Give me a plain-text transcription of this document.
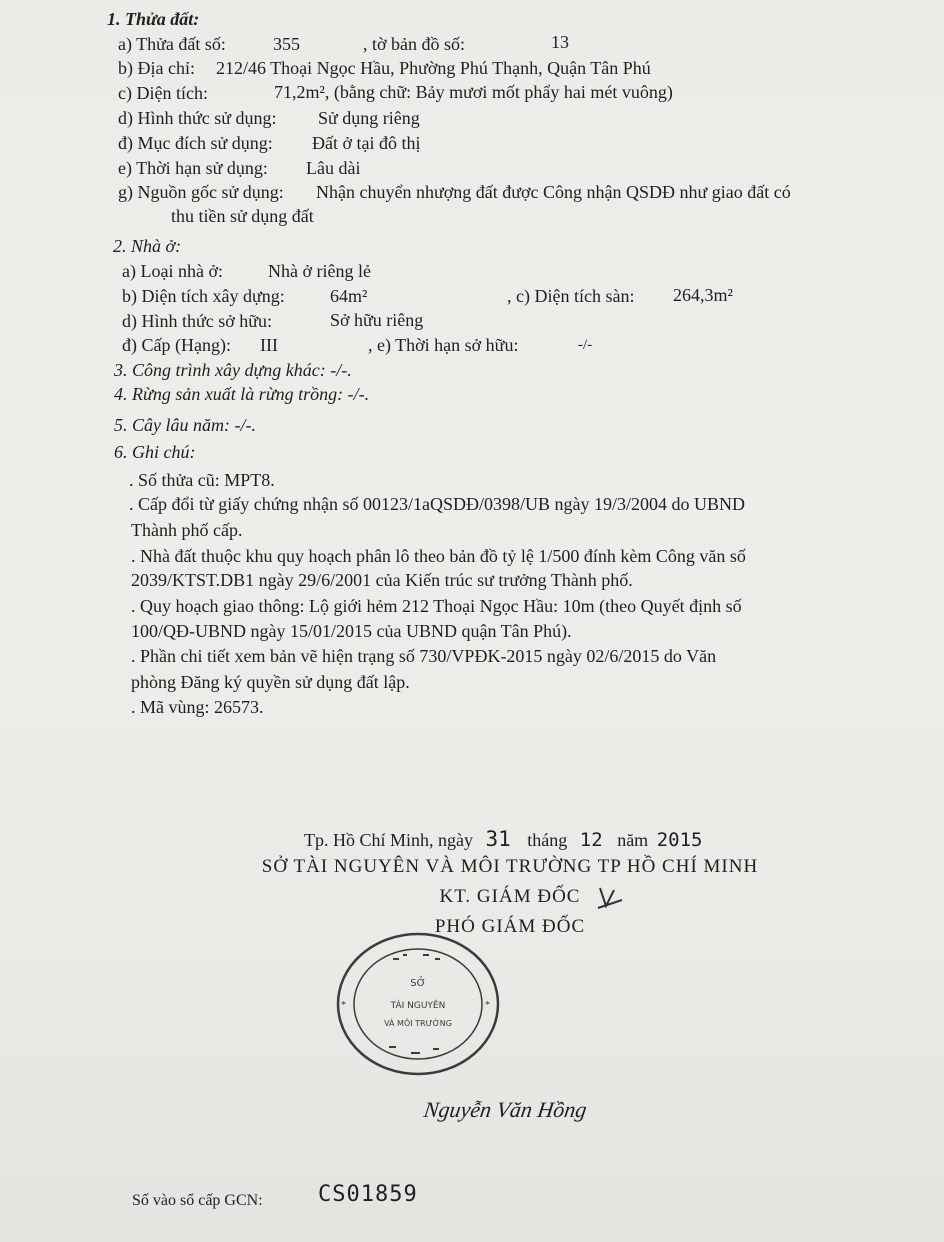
1. Thửa đất:
a) Thửa đất số:	355	, tờ bản đồ số:	13
b) Địa chỉ: 212/46 Thoại Ngọc Hầu, Phường Phú Thạnh, Quận Tân Phú
c) Diện tích:	71,2m², (bằng chữ: Bảy mươi mốt phẩy hai mét vuông)
d) Hình thức sử dụng: Sử dụng riêng
đ) Mục đích sử dụng: Đất ở tại đô thị
e) Thời hạn sử dụng: Lâu dài
g) Nguồn gốc sử dụng: Nhận chuyển nhượng đất được Công nhận QSDĐ như giao đất có
thu tiền sử dụng đất
2. Nhà ở:
a) Loại nhà ở:	Nhà ở riêng lẻ
b) Diện tích xây dựng:	64m²	, c) Diện tích sàn: 264,3m²
d) Hình thức sở hữu:	Sở hữu riêng
đ) Cấp (Hạng): III	, e) Thời hạn sở hữu:	-/-
3. Công trình xây dựng khác: -/-.
4. Rừng sản xuất là rừng trồng: -/-.
5. Cây lâu năm: -/-.
6. Ghi chú:
. Số thửa cũ: MPT8.
. Cấp đổi từ giấy chứng nhận số 00123/1aQSDĐ/0398/UB ngày 19/3/2004 do UBND
Thành phố cấp.
. Nhà đất thuộc khu quy hoạch phân lô theo bản đồ tỷ lệ 1/500 đính kèm Công văn số
2039/KTST.DB1 ngày 29/6/2001 của Kiến trúc sư trưởng Thành phố.
. Quy hoạch giao thông: Lộ giới hẻm 212 Thoại Ngọc Hầu: 10m (theo Quyết định số
100/QĐ-UBND ngày 15/01/2015 của UBND quận Tân Phú).
. Phần chi tiết xem bản vẽ hiện trạng số 730/VPĐK-2015 ngày 02/6/2015 do Văn
phòng Đăng ký quyền sử dụng đất lập.
. Mã vùng: 26573.
Tp. Hồ Chí Minh, ngày 31 tháng 12 năm 2015
SỞ TÀI NGUYÊN VÀ MÔI TRƯỜNG TP HỒ CHÍ MINH
KT. GIÁM ĐỐC
PHÓ GIÁM ĐỐC
SỞ
TÀI NGUYÊN
VÀ MÔI TRƯỜNG
*	*
Nguyễn Văn Hồng
Số vào sổ cấp GCN:	CS01859
